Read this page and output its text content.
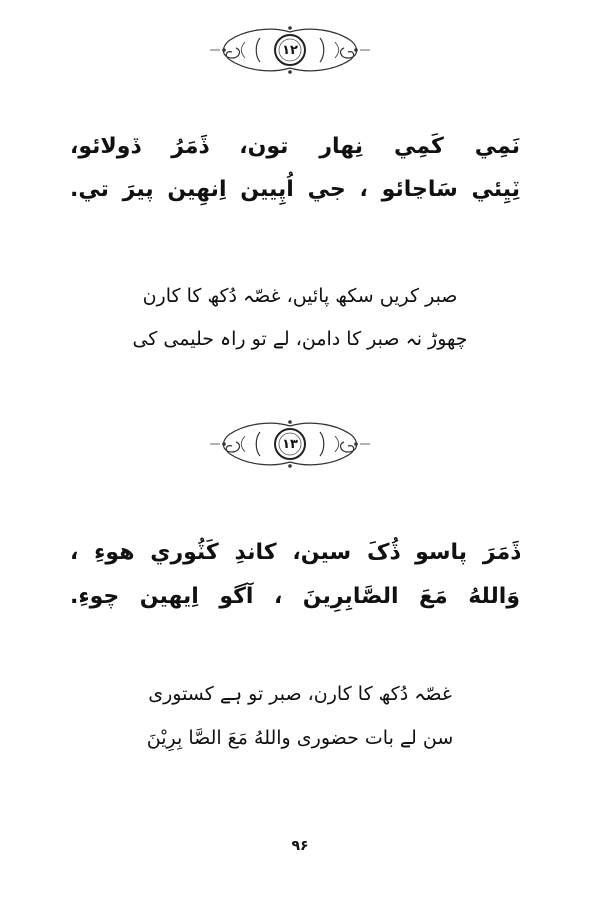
۱۲
نَمِي كَمِي نِهار تون، ڏَمَرُ ڏولائو،
ٽِيِئي سَاڃائو ، جي اُپِيين اِنهِين پيرَ تي.
صبر کریں سکھ پائیں، غصّہ دُکھ کا کارن
چھوڑ نہ صبر کا دامن، لے تو راہ حلیمی کی
۱۳
ڏَمَرَ پاسو ڏُکَ سين، كاندِ كَٽُوري هوءِ ،
وَاللهُ مَعَ الصَّابِرِينَ ، آگو اِيهين چوءِ.
غصّہ دُکھ کا کارن، صبر تو ہے کستوری
سن لے بات حضوری واللهُ مَعَ الصَّا بِرِيْنَ
۹۶
